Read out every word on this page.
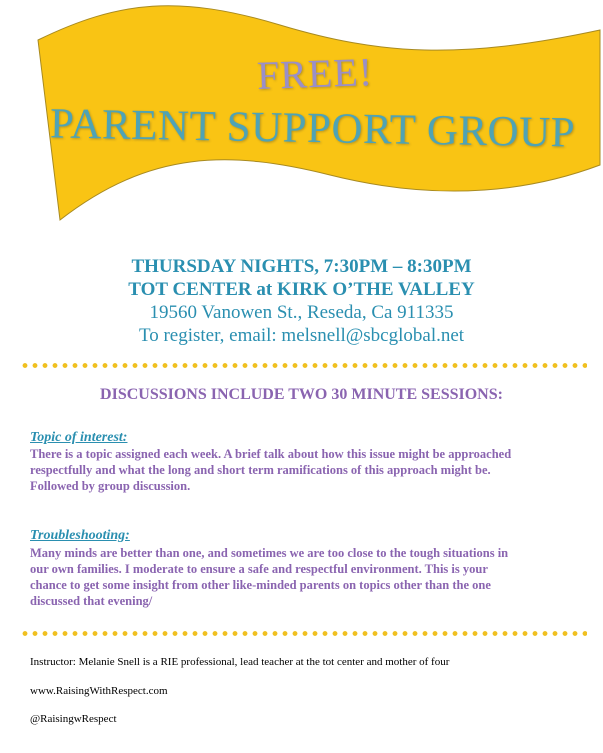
FREE!
PARENT SUPPORT GROUP
THURSDAY NIGHTS, 7:30PM – 8:30PM
TOT CENTER at KIRK O’THE VALLEY
19560 Vanowen St., Reseda, Ca 911335
To register, email: melsnell@sbcglobal.net
DISCUSSIONS INCLUDE TWO 30 MINUTE SESSIONS:
Topic of interest:
There is a topic assigned each week. A brief talk about how this issue might be approached
respectfully and what the long and short term ramifications of this approach might be.
Followed by group discussion.
Troubleshooting:
Many minds are better than one, and sometimes we are too close to the tough situations in
our own families. I moderate to ensure a safe and respectful environment. This is your
chance to get some insight from other like-minded parents on topics other than the one
discussed that evening/
Instructor: Melanie Snell is a RIE professional, lead teacher at the tot center and mother of four
www.RaisingWithRespect.com
@RaisingwRespect
